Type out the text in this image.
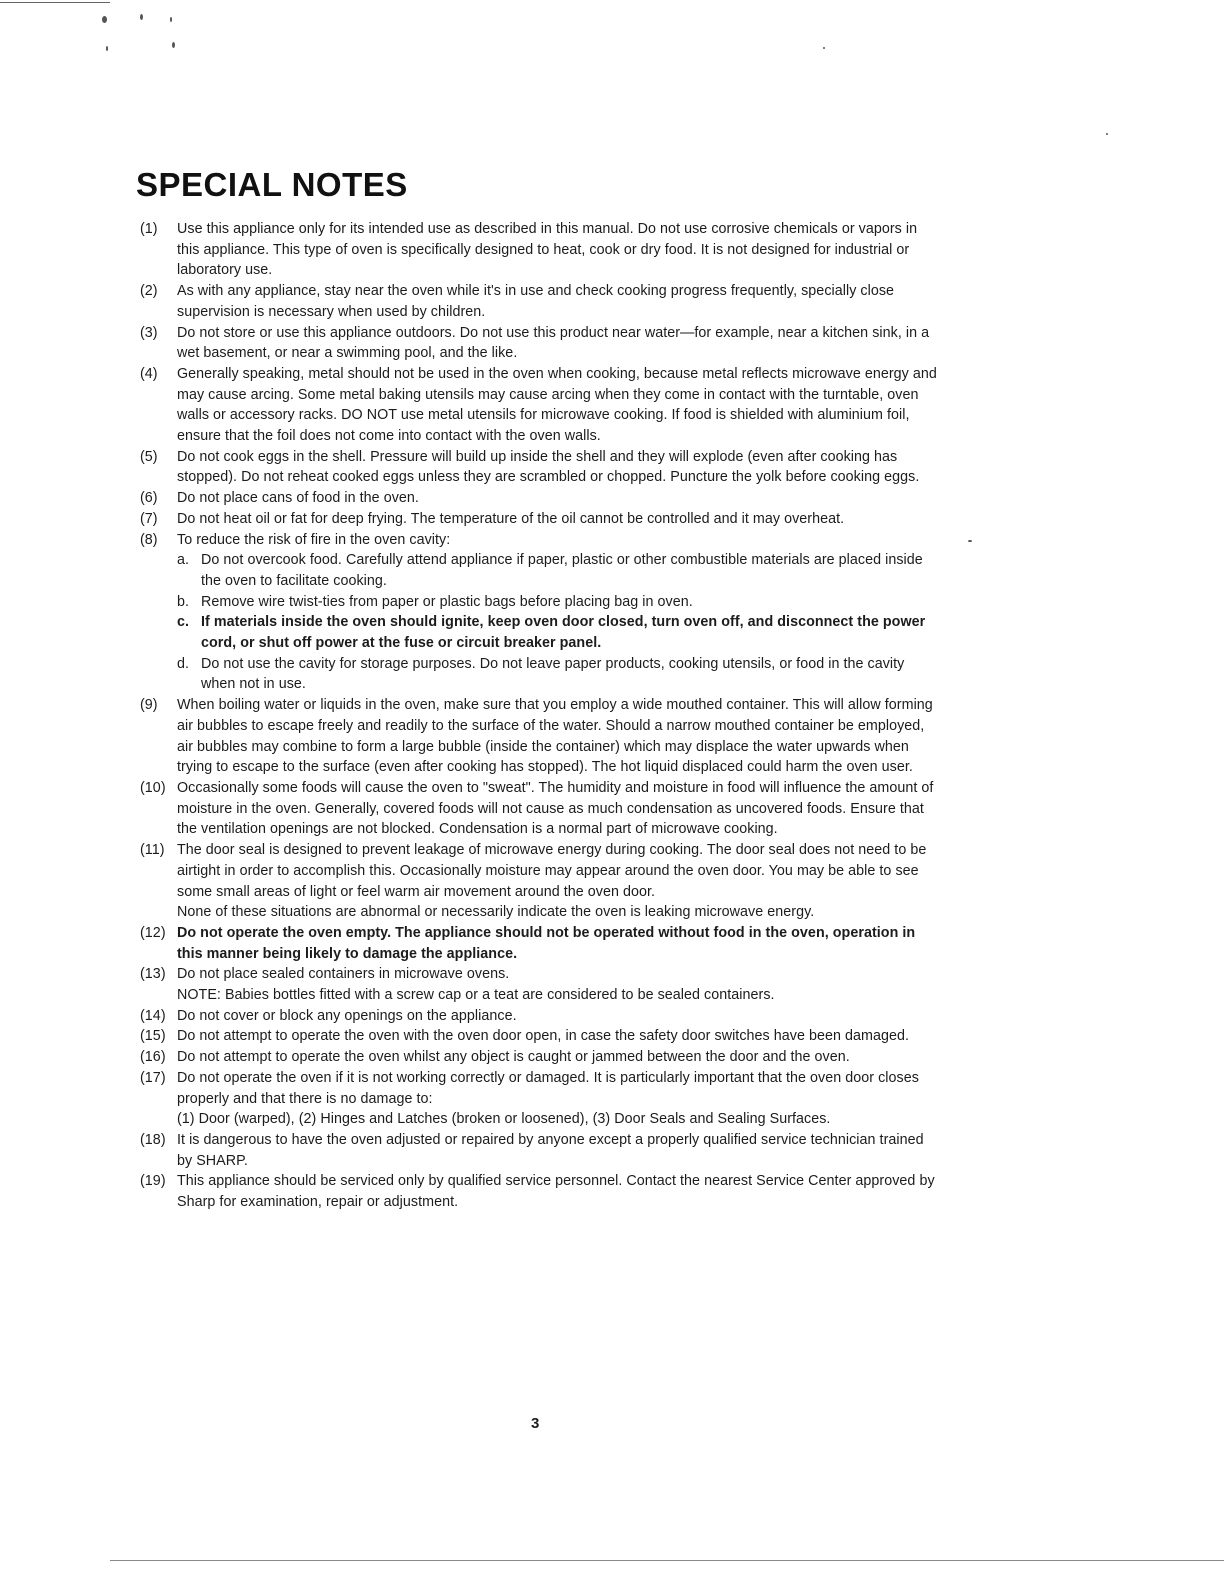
SPECIAL NOTES
(1)	Use this appliance only for its intended use as described in this manual. Do not use corrosive chemicals or vapors in this appliance. This type of oven is specifically designed to heat, cook or dry food. It is not designed for industrial or laboratory use.
(2)	As with any appliance, stay near the oven while it's in use and check cooking progress frequently, specially close supervision is necessary when used by children.
(3)	Do not store or use this appliance outdoors. Do not use this product near water—for example, near a kitchen sink, in a wet basement, or near a swimming pool, and the like.
(4)	Generally speaking, metal should not be used in the oven when cooking, because metal reflects microwave energy and may cause arcing. Some metal baking utensils may cause arcing when they come in contact with the turntable, oven walls or accessory racks. DO NOT use metal utensils for microwave cooking. If food is shielded with aluminium foil, ensure that the foil does not come into contact with the oven walls.
(5)	Do not cook eggs in the shell. Pressure will build up inside the shell and they will explode (even after cooking has stopped). Do not reheat cooked eggs unless they are scrambled or chopped. Puncture the yolk before cooking eggs.
(6)	Do not place cans of food in the oven.
(7)	Do not heat oil or fat for deep frying. The temperature of the oil cannot be controlled and it may overheat.
(8)	To reduce the risk of fire in the oven cavity:
a. Do not overcook food. Carefully attend appliance if paper, plastic or other combustible materials are placed inside the oven to facilitate cooking.
b. Remove wire twist-ties from paper or plastic bags before placing bag in oven.
c. If materials inside the oven should ignite, keep oven door closed, turn oven off, and disconnect the power cord, or shut off power at the fuse or circuit breaker panel.
d. Do not use the cavity for storage purposes. Do not leave paper products, cooking utensils, or food in the cavity when not in use.
(9)	When boiling water or liquids in the oven, make sure that you employ a wide mouthed container. This will allow forming air bubbles to escape freely and readily to the surface of the water. Should a narrow mouthed container be employed, air bubbles may combine to form a large bubble (inside the container) which may displace the water upwards when trying to escape to the surface (even after cooking has stopped). The hot liquid displaced could harm the oven user.
(10) Occasionally some foods will cause the oven to "sweat". The humidity and moisture in food will influence the amount of moisture in the oven. Generally, covered foods will not cause as much condensation as uncovered foods. Ensure that the ventilation openings are not blocked. Condensation is a normal part of microwave cooking.
(11) The door seal is designed to prevent leakage of microwave energy during cooking. The door seal does not need to be airtight in order to accomplish this. Occasionally moisture may appear around the oven door. You may be able to see some small areas of light or feel warm air movement around the oven door.
None of these situations are abnormal or necessarily indicate the oven is leaking microwave energy.
(12) Do not operate the oven empty. The appliance should not be operated without food in the oven, operation in this manner being likely to damage the appliance.
(13) Do not place sealed containers in microwave ovens.
NOTE: Babies bottles fitted with a screw cap or a teat are considered to be sealed containers.
(14) Do not cover or block any openings on the appliance.
(15) Do not attempt to operate the oven with the oven door open, in case the safety door switches have been damaged.
(16) Do not attempt to operate the oven whilst any object is caught or jammed between the door and the oven.
(17) Do not operate the oven if it is not working correctly or damaged. It is particularly important that the oven door closes properly and that there is no damage to:
(1) Door (warped), (2) Hinges and Latches (broken or loosened), (3) Door Seals and Sealing Surfaces.
(18) It is dangerous to have the oven adjusted or repaired by anyone except a properly qualified service technician trained by SHARP.
(19) This appliance should be serviced only by qualified service personnel. Contact the nearest Service Center approved by Sharp for examination, repair or adjustment.
3
